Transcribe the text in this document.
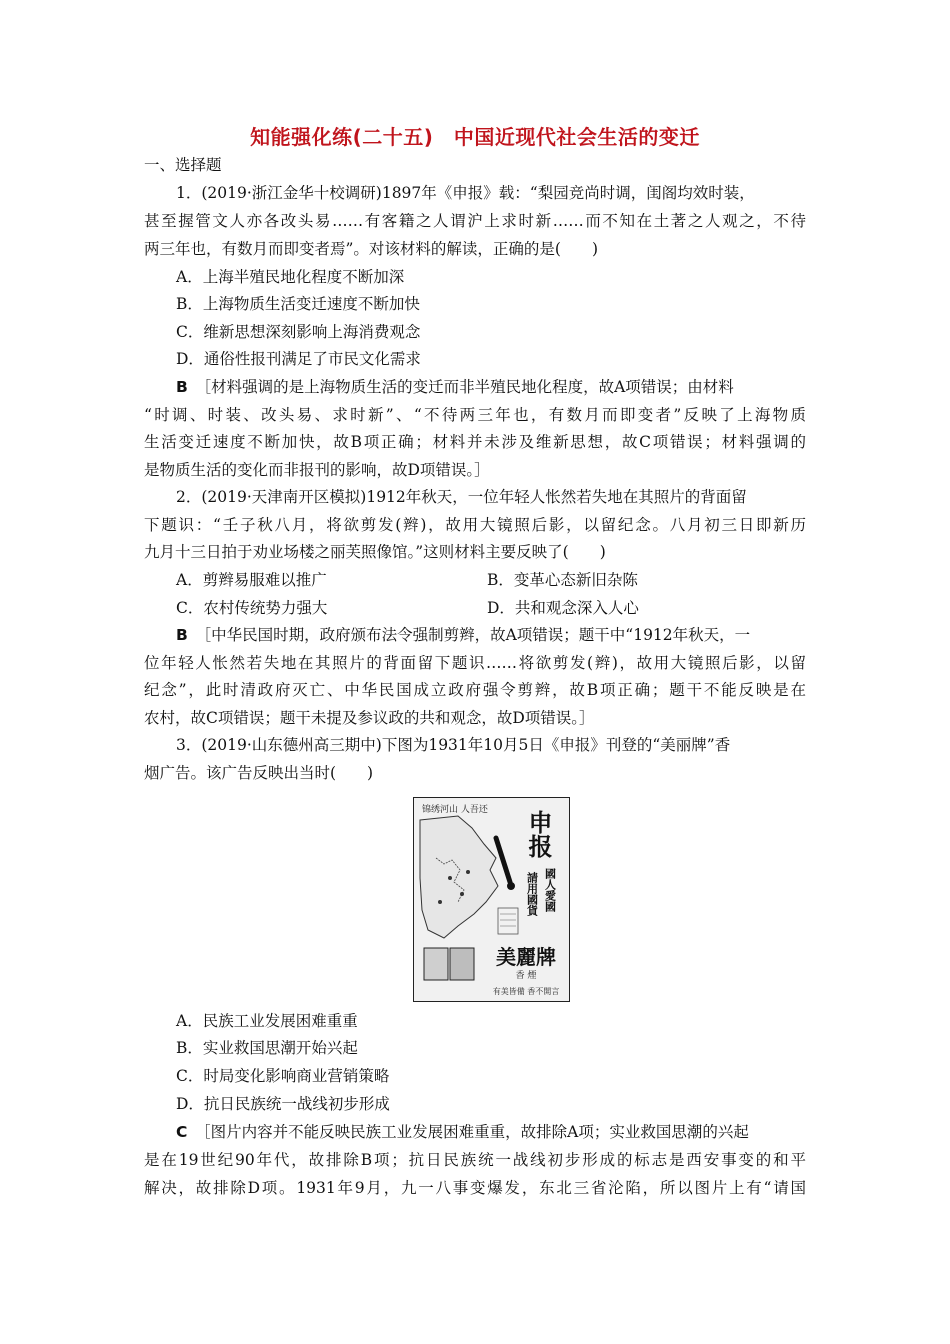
知能强化练(二十五)　中国近现代社会生活的变迁
一、选择题
1．(2019·浙江金华十校调研)1897年《申报》载：“梨园竞尚时调，闺阁均效时装，
甚至握管文人亦各改头易……有客籍之人谓沪上求时新……而不知在土著之人观之，不待
两三年也，有数月而即变者焉”。对该材料的解读，正确的是(　　)
A．上海半殖民地化程度不断加深
B．上海物质生活变迁速度不断加快
C．维新思想深刻影响上海消费观念
D．通俗性报刊满足了市民文化需求
B　 ［材料强调的是上海物质生活的变迁而非半殖民地化程度，故A项错误；由材料
“时调、时装、改头易、求时新”、“不待两三年也，有数月而即变者”反映了上海物质
生活变迁速度不断加快，故B项正确；材料并未涉及维新思想，故C项错误；材料强调的
是物质生活的变化而非报刊的影响，故D项错误。］
2．(2019·天津南开区模拟)1912年秋天，一位年轻人怅然若失地在其照片的背面留
下题识：“壬子秋八月，将欲剪发(辫)，故用大镜照后影，以留纪念。八月初三日即新历
九月十三日拍于劝业场楼之丽芙照像馆。”这则材料主要反映了(　　)
A．剪辫易服难以推广	B．变革心态新旧杂陈
C．农村传统势力强大	D．共和观念深入人心
B　 ［中华民国时期，政府颁布法令强制剪辫，故A项错误；题干中“1912年秋天，一
位年轻人怅然若失地在其照片的背面留下题识……将欲剪发(辫)，故用大镜照后影，以留
纪念”，此时清政府灭亡、中华民国成立政府强令剪辫，故B项正确；题干不能反映是在
农村，故C项错误；题干未提及参议政的共和观念，故D项错误。］
3．(2019·山东德州高三期中)下图为1931年10月5日《申报》刊登的“美丽牌”香
烟广告。该广告反映出当时(　　)
锦绣河山 人吾还 申报
國人愛國
請用國貨
美麗牌
香 煙
有美皆備 香不開言
A．民族工业发展困难重重
B．实业救国思潮开始兴起
C．时局变化影响商业营销策略
D．抗日民族统一战线初步形成
C　 ［图片内容并不能反映民族工业发展困难重重，故排除A项；实业救国思潮的兴起
是在19世纪90年代，故排除B项；抗日民族统一战线初步形成的标志是西安事变的和平
解决，故排除D项。1931年9月，九一八事变爆发，东北三省沦陷，所以图片上有“请国
